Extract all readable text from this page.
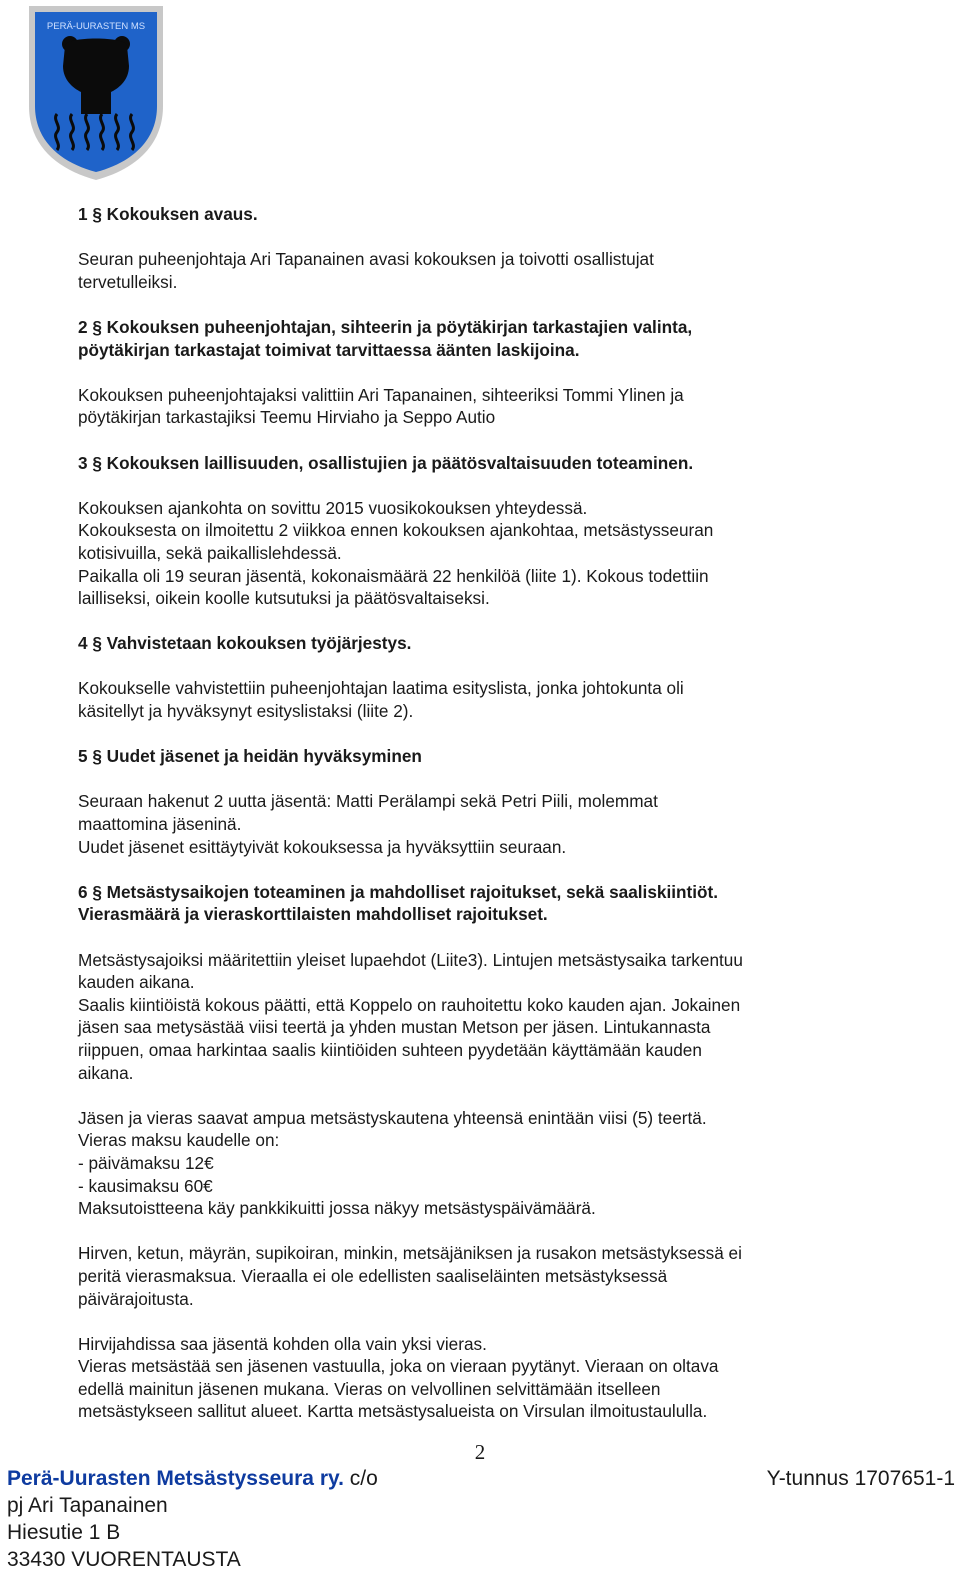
PERÄ-UURASTEN MS

1 § Kokouksen avaus.

Seuran puheenjohtaja Ari Tapanainen avasi kokouksen ja toivotti osallistujat
tervetulleiksi.

2 § Kokouksen puheenjohtajan, sihteerin ja pöytäkirjan tarkastajien valinta,
pöytäkirjan tarkastajat toimivat tarvittaessa äänten laskijoina.

Kokouksen puheenjohtajaksi valittiin Ari Tapanainen, sihteeriksi Tommi Ylinen ja
pöytäkirjan tarkastajiksi Teemu Hirviaho ja Seppo Autio

3 § Kokouksen laillisuuden, osallistujien ja päätösvaltaisuuden toteaminen.

Kokouksen ajankohta on sovittu 2015 vuosikokouksen yhteydessä.
Kokouksesta on ilmoitettu 2 viikkoa ennen kokouksen ajankohtaa, metsästysseuran
kotisivuilla, sekä paikallislehdessä.
Paikalla oli 19 seuran jäsentä, kokonaismäärä 22 henkilöä (liite 1). Kokous todettiin
lailliseksi, oikein koolle kutsutuksi ja päätösvaltaiseksi.

4 § Vahvistetaan kokouksen työjärjestys.

Kokoukselle vahvistettiin puheenjohtajan laatima esityslista, jonka johtokunta oli
käsitellyt ja hyväksynyt esityslistaksi (liite 2).

5 § Uudet jäsenet ja heidän hyväksyminen

Seuraan hakenut 2 uutta jäsentä: Matti Perälampi sekä Petri Piili, molemmat
maattomina jäseninä.
Uudet jäsenet esittäytyivät kokouksessa ja hyväksyttiin seuraan.

6 § Metsästysaikojen toteaminen ja mahdolliset rajoitukset, sekä saaliskiintiöt.
Vierasmäärä ja vieraskorttilaisten mahdolliset rajoitukset.

Metsästysajoiksi määritettiin yleiset lupaehdot (Liite3). Lintujen metsästysaika tarkentuu
kauden aikana.
Saalis kiintiöistä kokous päätti, että Koppelo on rauhoitettu koko kauden ajan. Jokainen
jäsen saa metysästää viisi teertä ja yhden mustan Metson per jäsen. Lintukannasta
riippuen, omaa harkintaa saalis kiintiöiden suhteen pyydetään käyttämään kauden
aikana.

Jäsen ja vieras saavat ampua metsästyskautena yhteensä enintään viisi (5) teertä.
Vieras maksu kaudelle on:
- päivämaksu 12€
- kausimaksu 60€
Maksutoistteena käy pankkikuitti jossa näkyy metsästyspäivämäärä.

Hirven, ketun, mäyrän, supikoiran, minkin, metsäjäniksen ja rusakon metsästyksessä ei
peritä vierasmaksua. Vieraalla ei ole edellisten saaliseläinten metsästyksessä
päivärajoitusta.

Hirvijahdissa saa jäsentä kohden olla vain yksi vieras.
Vieras metsästää sen jäsenen vastuulla, joka on vieraan pyytänyt. Vieraan on oltava
edellä mainitun jäsenen mukana. Vieras on velvollinen selvittämään itselleen
metsästykseen sallitut alueet. Kartta metsästysalueista on Virsulan ilmoitustaululla.

2
Perä-Uurasten Metsästysseura ry. c/o	Y-tunnus 1707651-1
pj Ari Tapanainen
Hiesutie 1 B
33430 VUORENTAUSTA
